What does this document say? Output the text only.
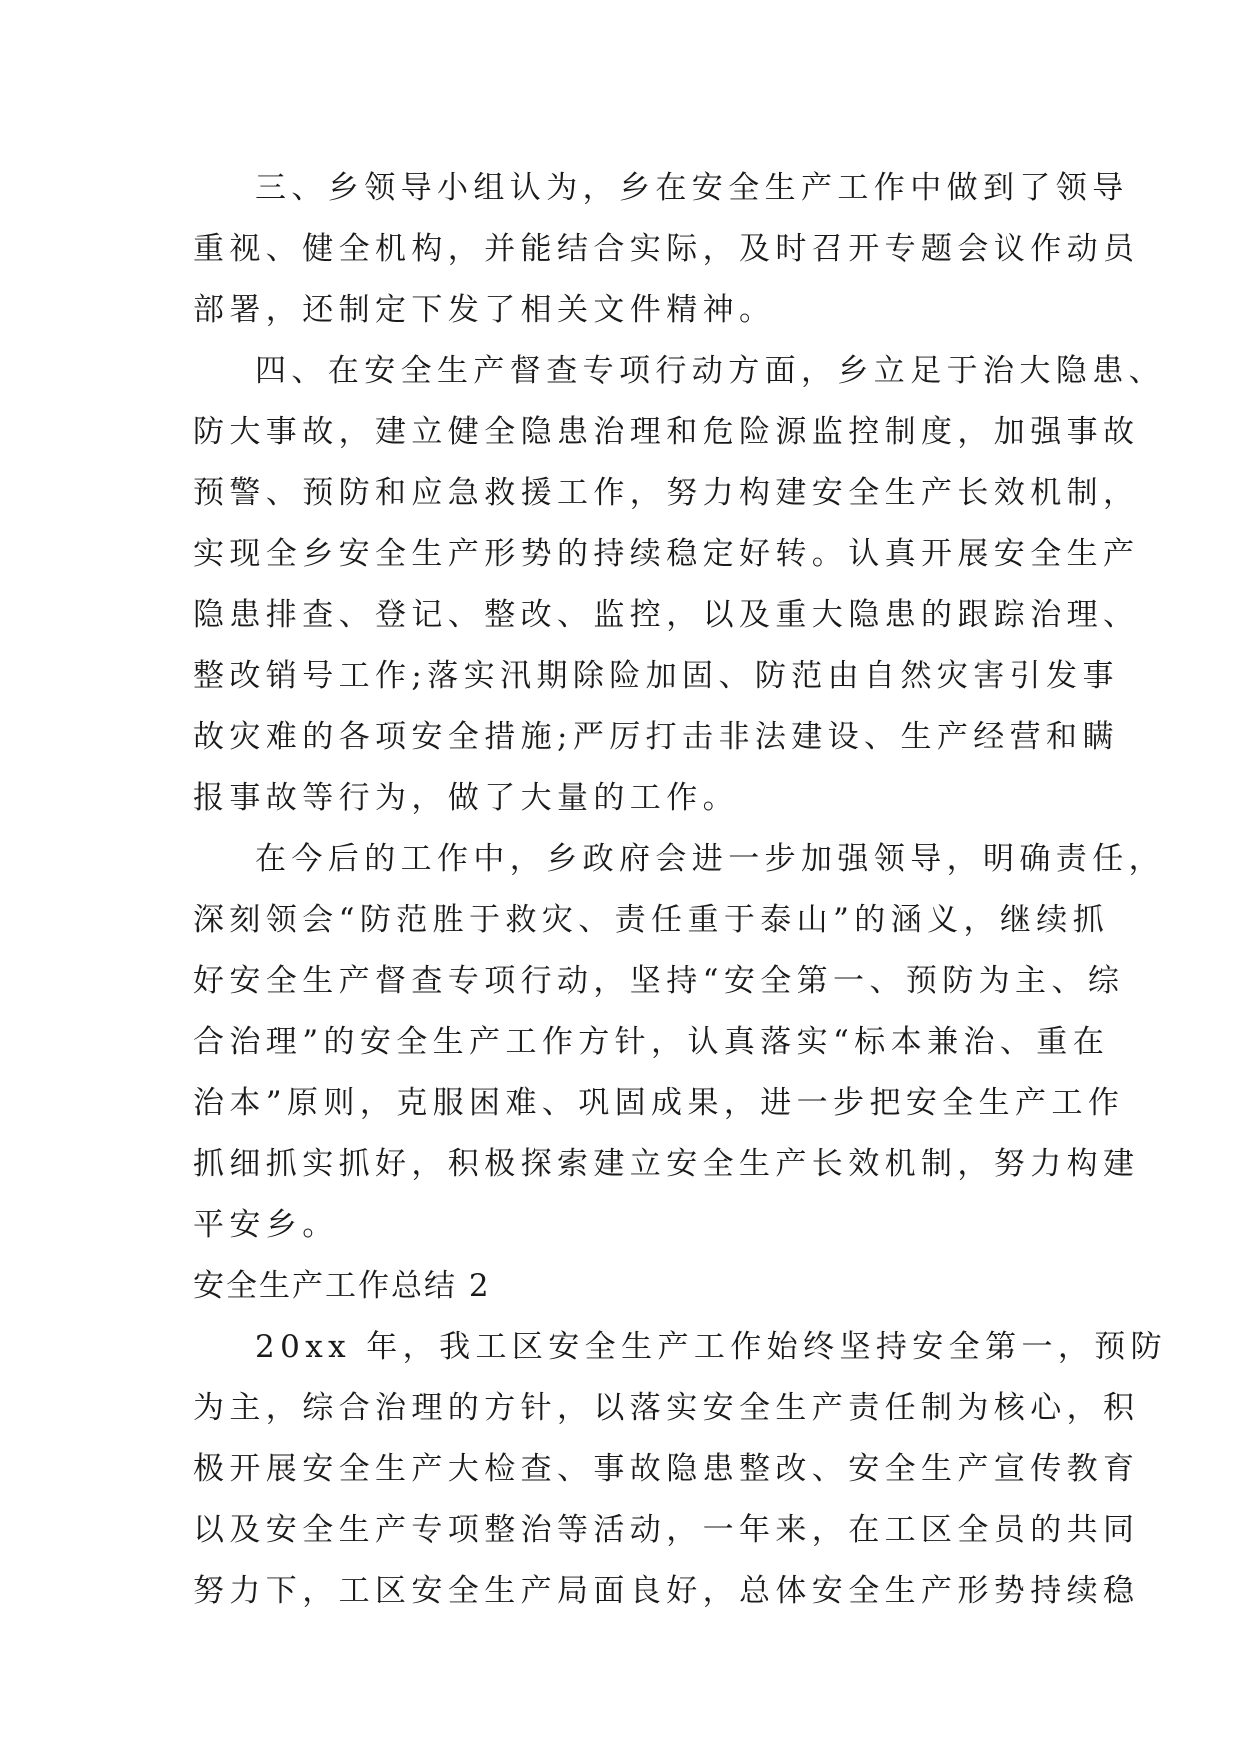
三、乡领导小组认为，乡在安全生产工作中做到了领导
重视、健全机构，并能结合实际，及时召开专题会议作动员
部署，还制定下发了相关文件精神。
四、在安全生产督查专项行动方面，乡立足于治大隐患、
防大事故，建立健全隐患治理和危险源监控制度，加强事故
预警、预防和应急救援工作，努力构建安全生产长效机制，
实现全乡安全生产形势的持续稳定好转。认真开展安全生产
隐患排查、登记、整改、监控，以及重大隐患的跟踪治理、
整改销号工作;落实汛期除险加固、防范由自然灾害引发事
故灾难的各项安全措施;严厉打击非法建设、生产经营和瞒
报事故等行为，做了大量的工作。
在今后的工作中，乡政府会进一步加强领导，明确责任，
深刻领会“防范胜于救灾、责任重于泰山”的涵义，继续抓
好安全生产督查专项行动，坚持“安全第一、预防为主、综
合治理”的安全生产工作方针，认真落实“标本兼治、重在
治本”原则，克服困难、巩固成果，进一步把安全生产工作
抓细抓实抓好，积极探索建立安全生产长效机制，努力构建
平安乡。
安全生产工作总结 2
20xx 年，我工区安全生产工作始终坚持安全第一，预防
为主，综合治理的方针，以落实安全生产责任制为核心，积
极开展安全生产大检查、事故隐患整改、安全生产宣传教育
以及安全生产专项整治等活动，一年来，在工区全员的共同
努力下，工区安全生产局面良好，总体安全生产形势持续稳
